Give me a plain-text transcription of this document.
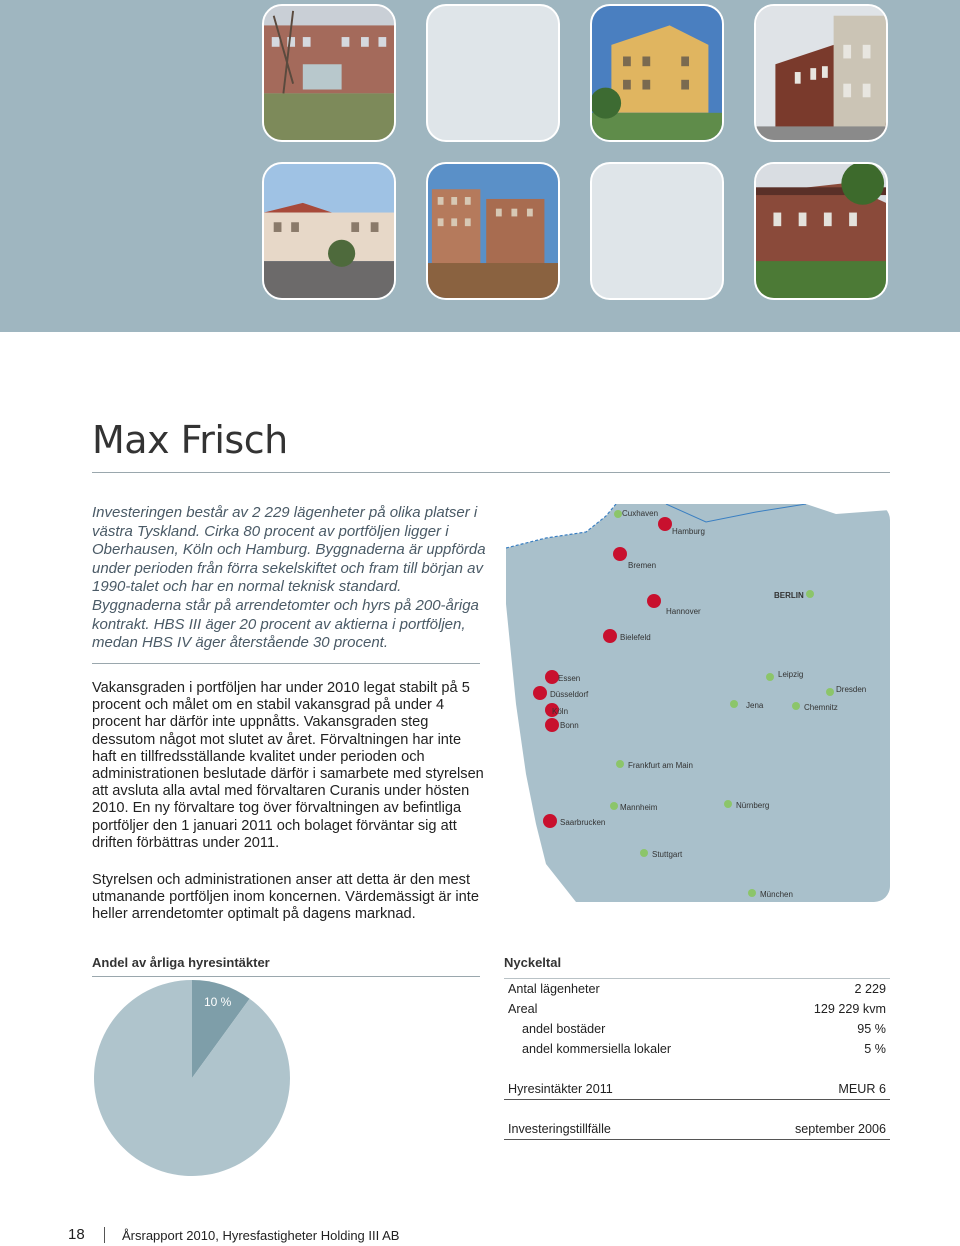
Max Frisch

Investeringen består av 2 229 lägenheter på olika platser i västra Tyskland. Cirka 80 procent av portföljen ligger i Oberhausen, Köln och Hamburg. Byggnaderna är uppförda under perioden från förra sekelskiftet och fram till början av 1990-talet och har en normal teknisk standard. Byggnaderna står på arrendetomter och hyrs på 200-åriga kontrakt. HBS III äger 20 procent av aktierna i portföljen, medan HBS IV äger återstående 30 procent.

Vakansgraden i portföljen har under 2010 legat stabilt på 5 procent och målet om en stabil vakansgrad på under 4 procent har därför inte uppnåtts. Vakansgraden steg dessutom något mot slutet av året. Förvaltningen har inte haft en tillfredsställande kvalitet under perioden och administrationen beslutade därför i samarbete med styrelsen att avsluta alla avtal med förvaltaren Curanis under hösten 2010. En ny förvaltare tog över förvaltningen av befintliga portföljer den 1 januari 2011 och bolaget förväntar sig att driften förbättras under 2011.

Styrelsen och administrationen anser att detta är den mest utmanande portföljen inom koncernen. Värdemässigt är inte heller arrendetomter optimalt på dagens marknad.

Cuxhaven
Hamburg
Bremen
Hannover
BERLIN
Bielefeld
Essen
Düsseldorf
Köln
Bonn
Leipzig
Dresden
Jena	Chemnitz
Frankfurt am Main
Mannheim	Nürnberg
Saarbrucken
Stuttgart
München
Andel av årliga hyresintäkter
10 %
Nyckeltal
Antal lägenheter	2 229
Areal	129 229 kvm
andel bostäder	95 %
andel kommersiella lokaler	5 %
Hyresintäkter 2011	MEUR 6
Investeringstillfälle	september 2006

18	Årsrapport 2010, Hyresfastigheter Holding III AB
